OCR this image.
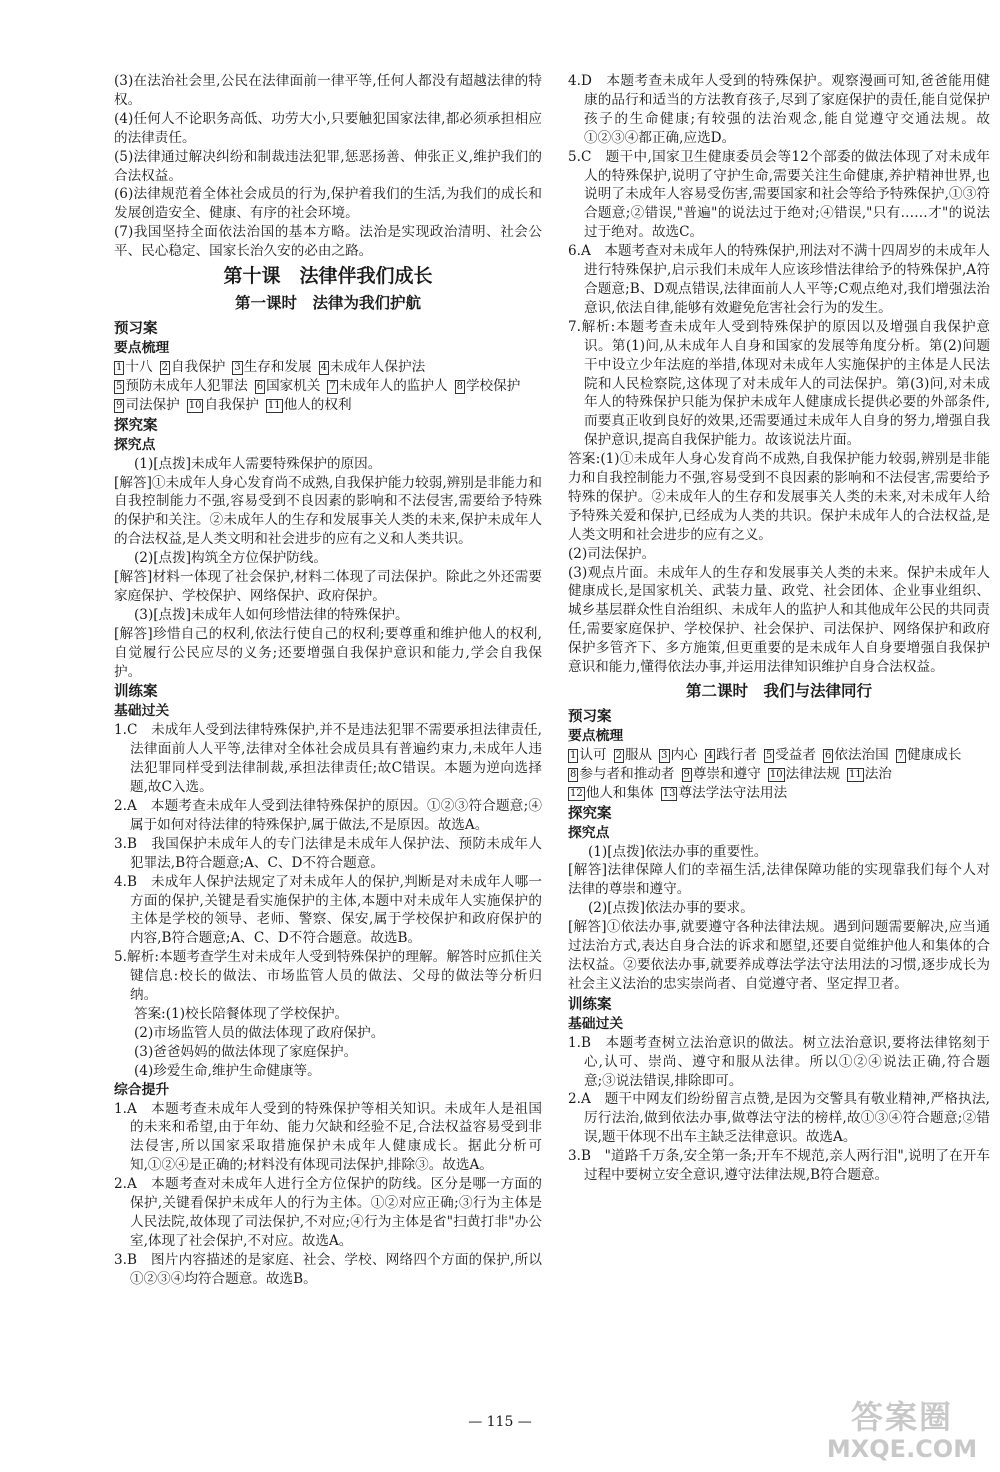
(3)在法治社会里,公民在法律面前一律平等,任何人都没有超越法律的特权。

(4)任何人不论职务高低、功劳大小,只要触犯国家法律,都必须承担相应的法律责任。

(5)法律通过解决纠纷和制裁违法犯罪,惩恶扬善、伸张正义,维护我们的合法权益。

(6)法律规范着全体社会成员的行为,保护着我们的生活,为我们的成长和发展创造安全、健康、有序的社会环境。

(7)我国坚持全面依法治国的基本方略。法治是实现政治清明、社会公平、民心稳定、国家长治久安的必由之路。

第十课　法律伴我们成长

第一课时　法律为我们护航

预习案

要点梳理

1 十八 2 自我保护 3 生存和发展 4 未成年人保护法
5 预防未成年人犯罪法 6 国家机关 7 未成年人的监护人 8 学校保护
9 司法保护 10 自我保护 11 他人的权利

探究案

探究点

(1)[点拨]未成年人需要特殊保护的原因。

[解答]①未成年人身心发育尚不成熟,自我保护能力较弱,辨别是非能力和自我控制能力不强,容易受到不良因素的影响和不法侵害,需要给予特殊的保护和关注。②未成年人的生存和发展事关人类的未来,保护未成年人的合法权益,是人类文明和社会进步的应有之义和人类共识。

(2)[点拨]构筑全方位保护防线。

[解答]材料一体现了社会保护,材料二体现了司法保护。除此之外还需要家庭保护、学校保护、网络保护、政府保护。

(3)[点拨]未成年人如何珍惜法律的特殊保护。

[解答]珍惜自己的权利,依法行使自己的权利;要尊重和维护他人的权利,自觉履行公民应尽的义务;还要增强自我保护意识和能力,学会自我保护。

训练案

基础过关

1.C　未成年人受到法律特殊保护,并不是违法犯罪不需要承担法律责任,法律面前人人平等,法律对全体社会成员具有普遍约束力,未成年人违法犯罪同样受到法律制裁,承担法律责任;故C错误。本题为逆向选择题,故C入选。

2.A　本题考查未成年人受到法律特殊保护的原因。①②③符合题意;④属于如何对待法律的特殊保护,属于做法,不是原因。故选A。

3.B　我国保护未成年人的专门法律是未成年人保护法、预防未成年人犯罪法,B符合题意;A、C、D不符合题意。

4.B　未成年人保护法规定了对未成年人的保护,判断是对未成年人哪一方面的保护,关键是看实施保护的主体,本题中对未成年人实施保护的主体是学校的领导、老师、警察、保安,属于学校保护和政府保护的内容,B符合题意;A、C、D不符合题意。故选B。

5.解析:本题考查学生对未成年人受到特殊保护的理解。解答时应抓住关键信息:校长的做法、市场监管人员的做法、父母的做法等分析归纳。

答案:(1)校长陪餐体现了学校保护。

(2)市场监管人员的做法体现了政府保护。

(3)爸爸妈妈的做法体现了家庭保护。

(4)珍爱生命,维护生命健康等。

综合提升

1.A　本题考查未成年人受到的特殊保护等相关知识。未成年人是祖国的未来和希望,由于年幼、能力欠缺和经验不足,合法权益容易受到非法侵害,所以国家采取措施保护未成年人健康成长。据此分析可知,①②④是正确的;材料没有体现司法保护,排除③。故选A。

2.A　本题考查对未成年人进行全方位保护的防线。区分是哪一方面的保护,关键看保护未成年人的行为主体。①②对应正确;③行为主体是人民法院,故体现了司法保护,不对应;④行为主体是省"扫黄打非"办公室,体现了社会保护,不对应。故选A。

3.B　图片内容描述的是家庭、社会、学校、网络四个方面的保护,所以①②③④均符合题意。故选B。

4.D　本题考查未成年人受到的特殊保护。观察漫画可知,爸爸能用健康的品行和适当的方法教育孩子,尽到了家庭保护的责任,能自觉保护孩子的生命健康;有较强的法治观念,能自觉遵守交通法规。故①②③④都正确,应选D。

5.C　题干中,国家卫生健康委员会等12个部委的做法体现了对未成年人的特殊保护,说明了守护生命,需要关注生命健康,养护精神世界,也说明了未成年人容易受伤害,需要国家和社会等给予特殊保护,①③符合题意;②错误,"普遍"的说法过于绝对;④错误,"只有……才"的说法过于绝对。故选C。

6.A　本题考查对未成年人的特殊保护,刑法对不满十四周岁的未成年人进行特殊保护,启示我们未成年人应该珍惜法律给予的特殊保护,A符合题意;B、D观点错误,法律面前人人平等;C观点绝对,我们增强法治意识,依法自律,能够有效避免危害社会行为的发生。

7.解析:本题考查未成年人受到特殊保护的原因以及增强自我保护意识。第(1)问,从未成年人自身和国家的发展等角度分析。第(2)问题干中设立少年法庭的举措,体现对未成年人实施保护的主体是人民法院和人民检察院,这体现了对未成年人的司法保护。第(3)问,对未成年人的特殊保护只能为保护未成年人健康成长提供必要的外部条件,而要真正收到良好的效果,还需要通过未成年人自身的努力,增强自我保护意识,提高自我保护能力。故该说法片面。

答案:(1)①未成年人身心发育尚不成熟,自我保护能力较弱,辨别是非能力和自我控制能力不强,容易受到不良因素的影响和不法侵害,需要给予特殊的保护。②未成年人的生存和发展事关人类的未来,对未成年人给予特殊关爱和保护,已经成为人类的共识。保护未成年人的合法权益,是人类文明和社会进步的应有之义。

(2)司法保护。

(3)观点片面。未成年人的生存和发展事关人类的未来。保护未成年人健康成长,是国家机关、武装力量、政党、社会团体、企业事业组织、城乡基层群众性自治组织、未成年人的监护人和其他成年公民的共同责任,需要家庭保护、学校保护、社会保护、司法保护、网络保护和政府保护多管齐下、多方施策,但更重要的是未成年人自身要增强自我保护意识和能力,懂得依法办事,并运用法律知识维护自身合法权益。

第二课时　我们与法律同行

预习案

要点梳理

1 认可 2 服从 3 内心 4 践行者 5 受益者 6 依法治国 7 健康成长
8 参与者和推动者 9 尊崇和遵守 10 法律法规 11 法治
12 他人和集体 13 尊法学法守法用法

探究案

探究点

(1)[点拨]依法办事的重要性。

[解答]法律保障人们的幸福生活,法律保障功能的实现靠我们每个人对法律的尊崇和遵守。

(2)[点拨]依法办事的要求。

[解答]①依法办事,就要遵守各种法律法规。遇到问题需要解决,应当通过法治方式,表达自身合法的诉求和愿望,还要自觉维护他人和集体的合法权益。②要依法办事,就要养成尊法学法守法用法的习惯,逐步成长为社会主义法治的忠实崇尚者、自觉遵守者、坚定捍卫者。

训练案

基础过关

1.B　本题考查树立法治意识的做法。树立法治意识,要将法律铭刻于心,认可、崇尚、遵守和服从法律。所以①②④说法正确,符合题意;③说法错误,排除即可。

2.A　题干中网友们纷纷留言点赞,是因为交警具有敬业精神,严格执法,厉行法治,做到依法办事,做尊法守法的榜样,故①③④符合题意;②错误,题干体现不出车主缺乏法律意识。故选A。

3.B　"道路千万条,安全第一条;开车不规范,亲人两行泪",说明了在开车过程中要树立安全意识,遵守法律法规,B符合题意。

— 115 —	答案圈
MXQE.COM
